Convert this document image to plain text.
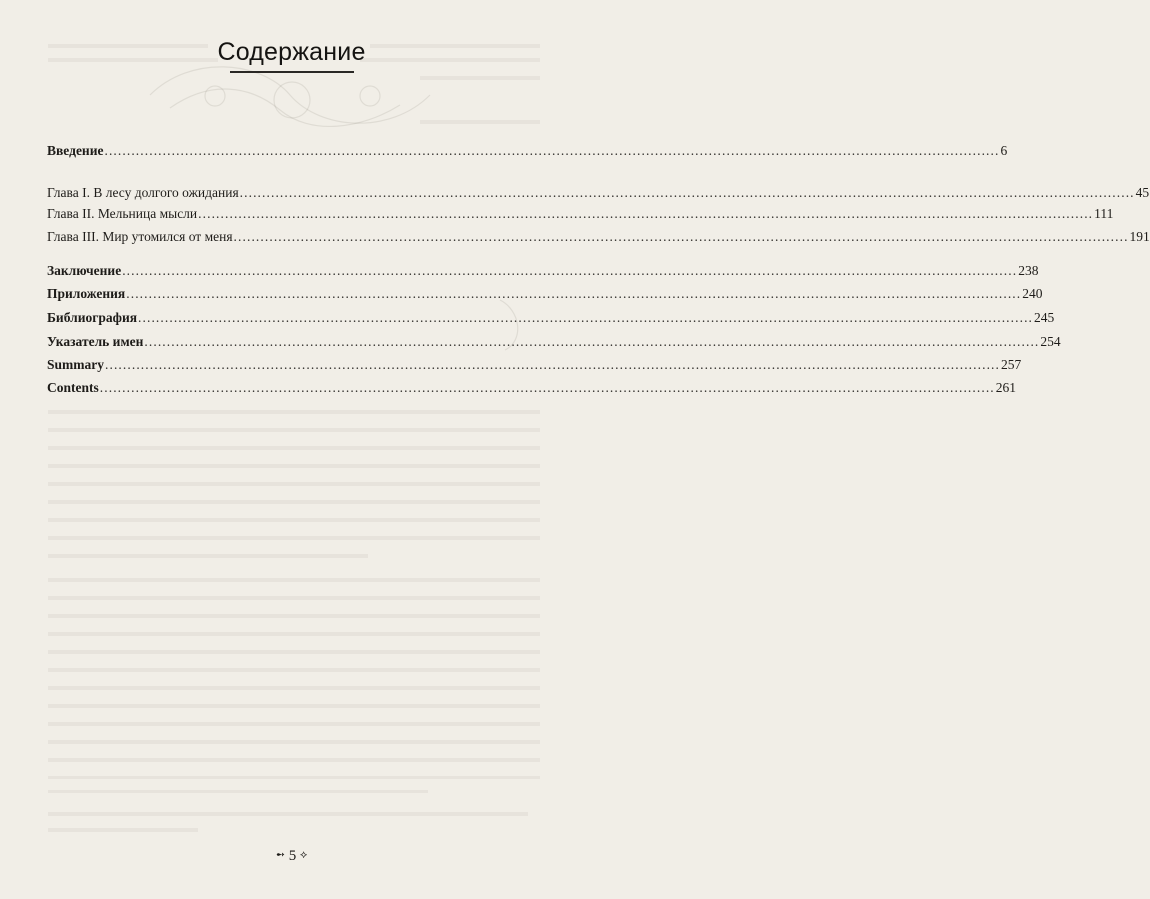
Содержание
Введение ........................................................................................................................................................................................................ 6
Глава I. В лесу долгого ожидания ........................................................................................................................................................................................................ 45
Глава II. Мельница мысли ........................................................................................................................................................................................................ 111
Глава III. Мир утомился от меня ........................................................................................................................................................................................................ 191
Заключение ........................................................................................................................................................................................................ 238
Приложения ........................................................................................................................................................................................................ 240
Библиография ........................................................................................................................................................................................................ 245
Указатель имен ........................................................................................................................................................................................................ 254
Summary ........................................................................................................................................................................................................ 257
Contents ........................................................................................................................................................................................................ 261
➻ 5 ⟡
